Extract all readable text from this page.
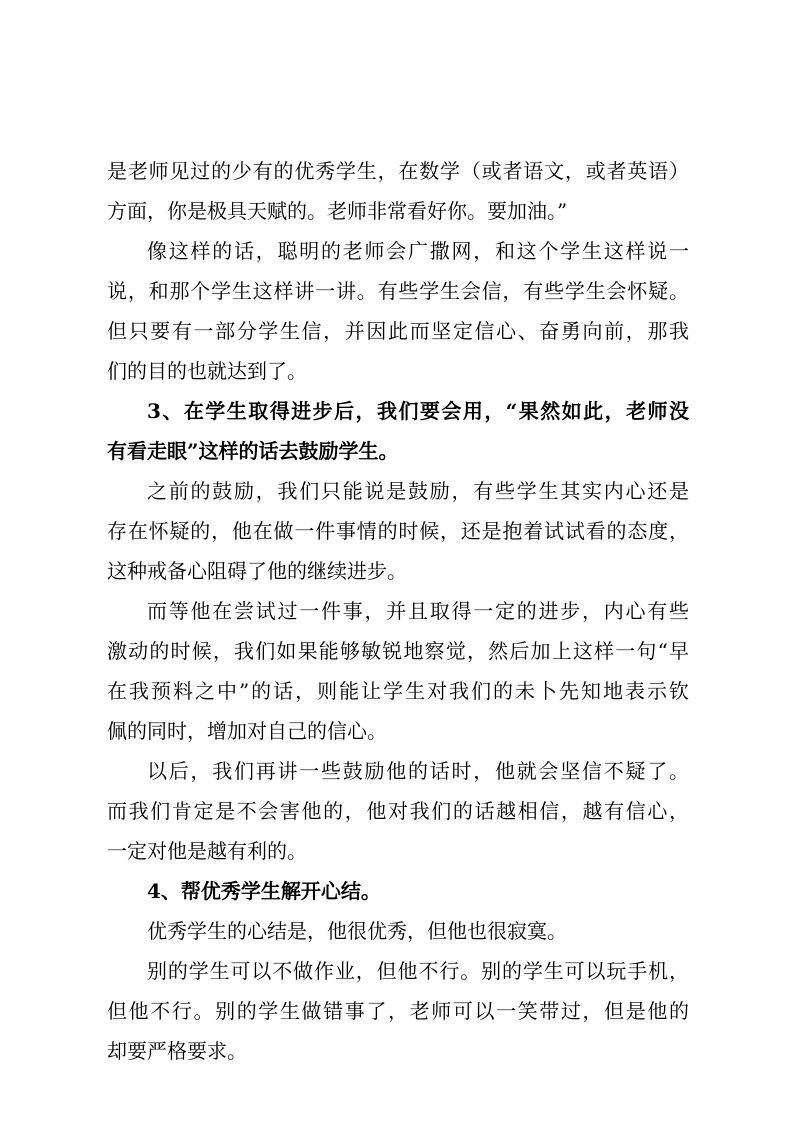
是老师见过的少有的优秀学生，在数学（或者语文，或者英语）
方面，你是极具天赋的。老师非常看好你。要加油。”
像这样的话，聪明的老师会广撒网，和这个学生这样说一
说，和那个学生这样讲一讲。有些学生会信，有些学生会怀疑。
但只要有一部分学生信，并因此而坚定信心、奋勇向前，那我
们的目的也就达到了。
3、在学生取得进步后，我们要会用，“果然如此，老师没
有看走眼”这样的话去鼓励学生。
之前的鼓励，我们只能说是鼓励，有些学生其实内心还是
存在怀疑的，他在做一件事情的时候，还是抱着试试看的态度，
这种戒备心阻碍了他的继续进步。
而等他在尝试过一件事，并且取得一定的进步，内心有些
激动的时候，我们如果能够敏锐地察觉，然后加上这样一句“早
在我预料之中”的话，则能让学生对我们的未卜先知地表示钦
佩的同时，增加对自己的信心。
以后，我们再讲一些鼓励他的话时，他就会坚信不疑了。
而我们肯定是不会害他的，他对我们的话越相信，越有信心，
一定对他是越有利的。
4、帮优秀学生解开心结。
优秀学生的心结是，他很优秀，但他也很寂寞。
别的学生可以不做作业，但他不行。别的学生可以玩手机，
但他不行。别的学生做错事了，老师可以一笑带过，但是他的
却要严格要求。
